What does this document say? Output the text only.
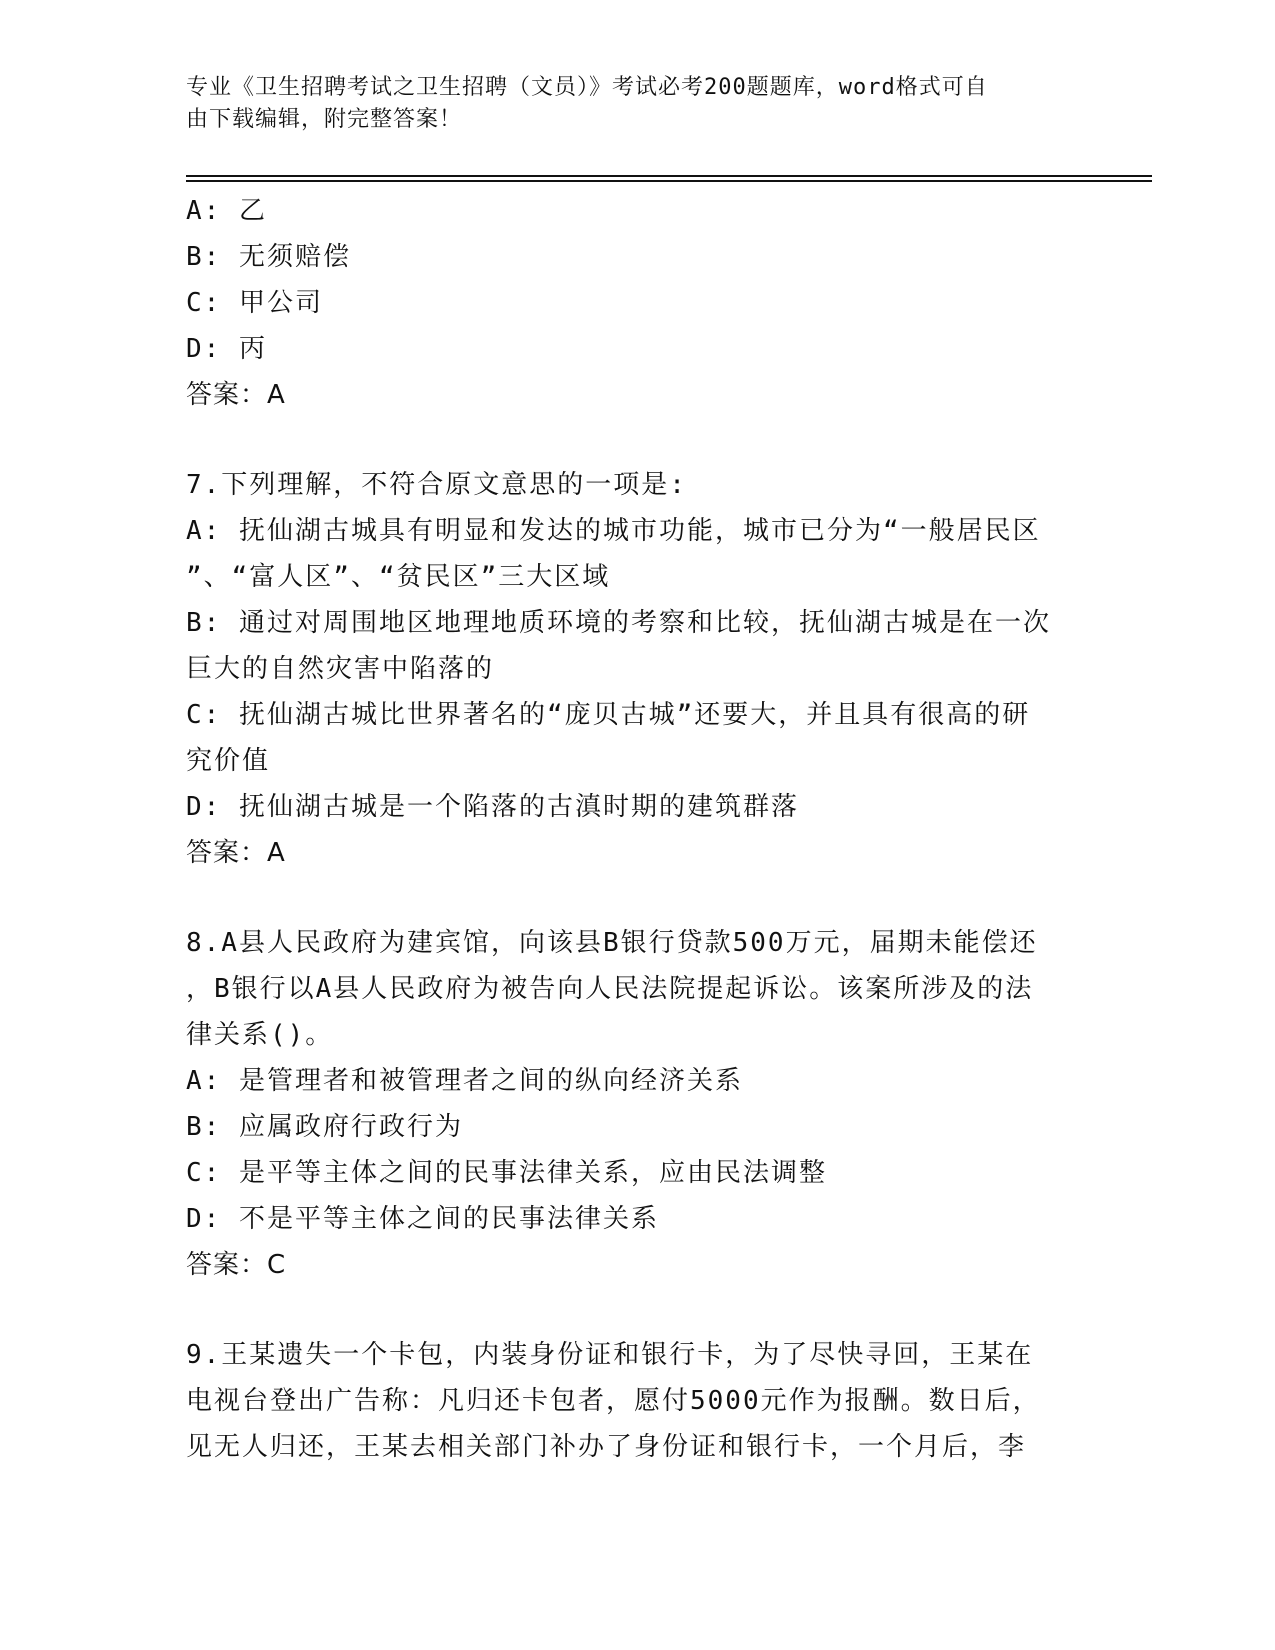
专业《卫生招聘考试之卫生招聘（文员）》考试必考200题题库，word格式可自
由下载编辑，附完整答案！
A: 乙
B: 无须赔偿
C: 甲公司
D: 丙
答案：A
7.下列理解，不符合原文意思的一项是:
A: 抚仙湖古城具有明显和发达的城市功能，城市已分为“一般居民区
”、“富人区”、“贫民区”三大区域
B: 通过对周围地区地理地质环境的考察和比较，抚仙湖古城是在一次
巨大的自然灾害中陷落的
C: 抚仙湖古城比世界著名的“庞贝古城”还要大，并且具有很高的研
究价值
D: 抚仙湖古城是一个陷落的古滇时期的建筑群落
答案：A
8.A县人民政府为建宾馆，向该县B银行贷款500万元，届期未能偿还
，B银行以A县人民政府为被告向人民法院提起诉讼。该案所涉及的法
律关系()。
A: 是管理者和被管理者之间的纵向经济关系
B: 应属政府行政行为
C: 是平等主体之间的民事法律关系，应由民法调整
D: 不是平等主体之间的民事法律关系
答案：C
9.王某遗失一个卡包，内装身份证和银行卡，为了尽快寻回，王某在
电视台登出广告称：凡归还卡包者，愿付5000元作为报酬。数日后，
见无人归还，王某去相关部门补办了身份证和银行卡，一个月后，李
